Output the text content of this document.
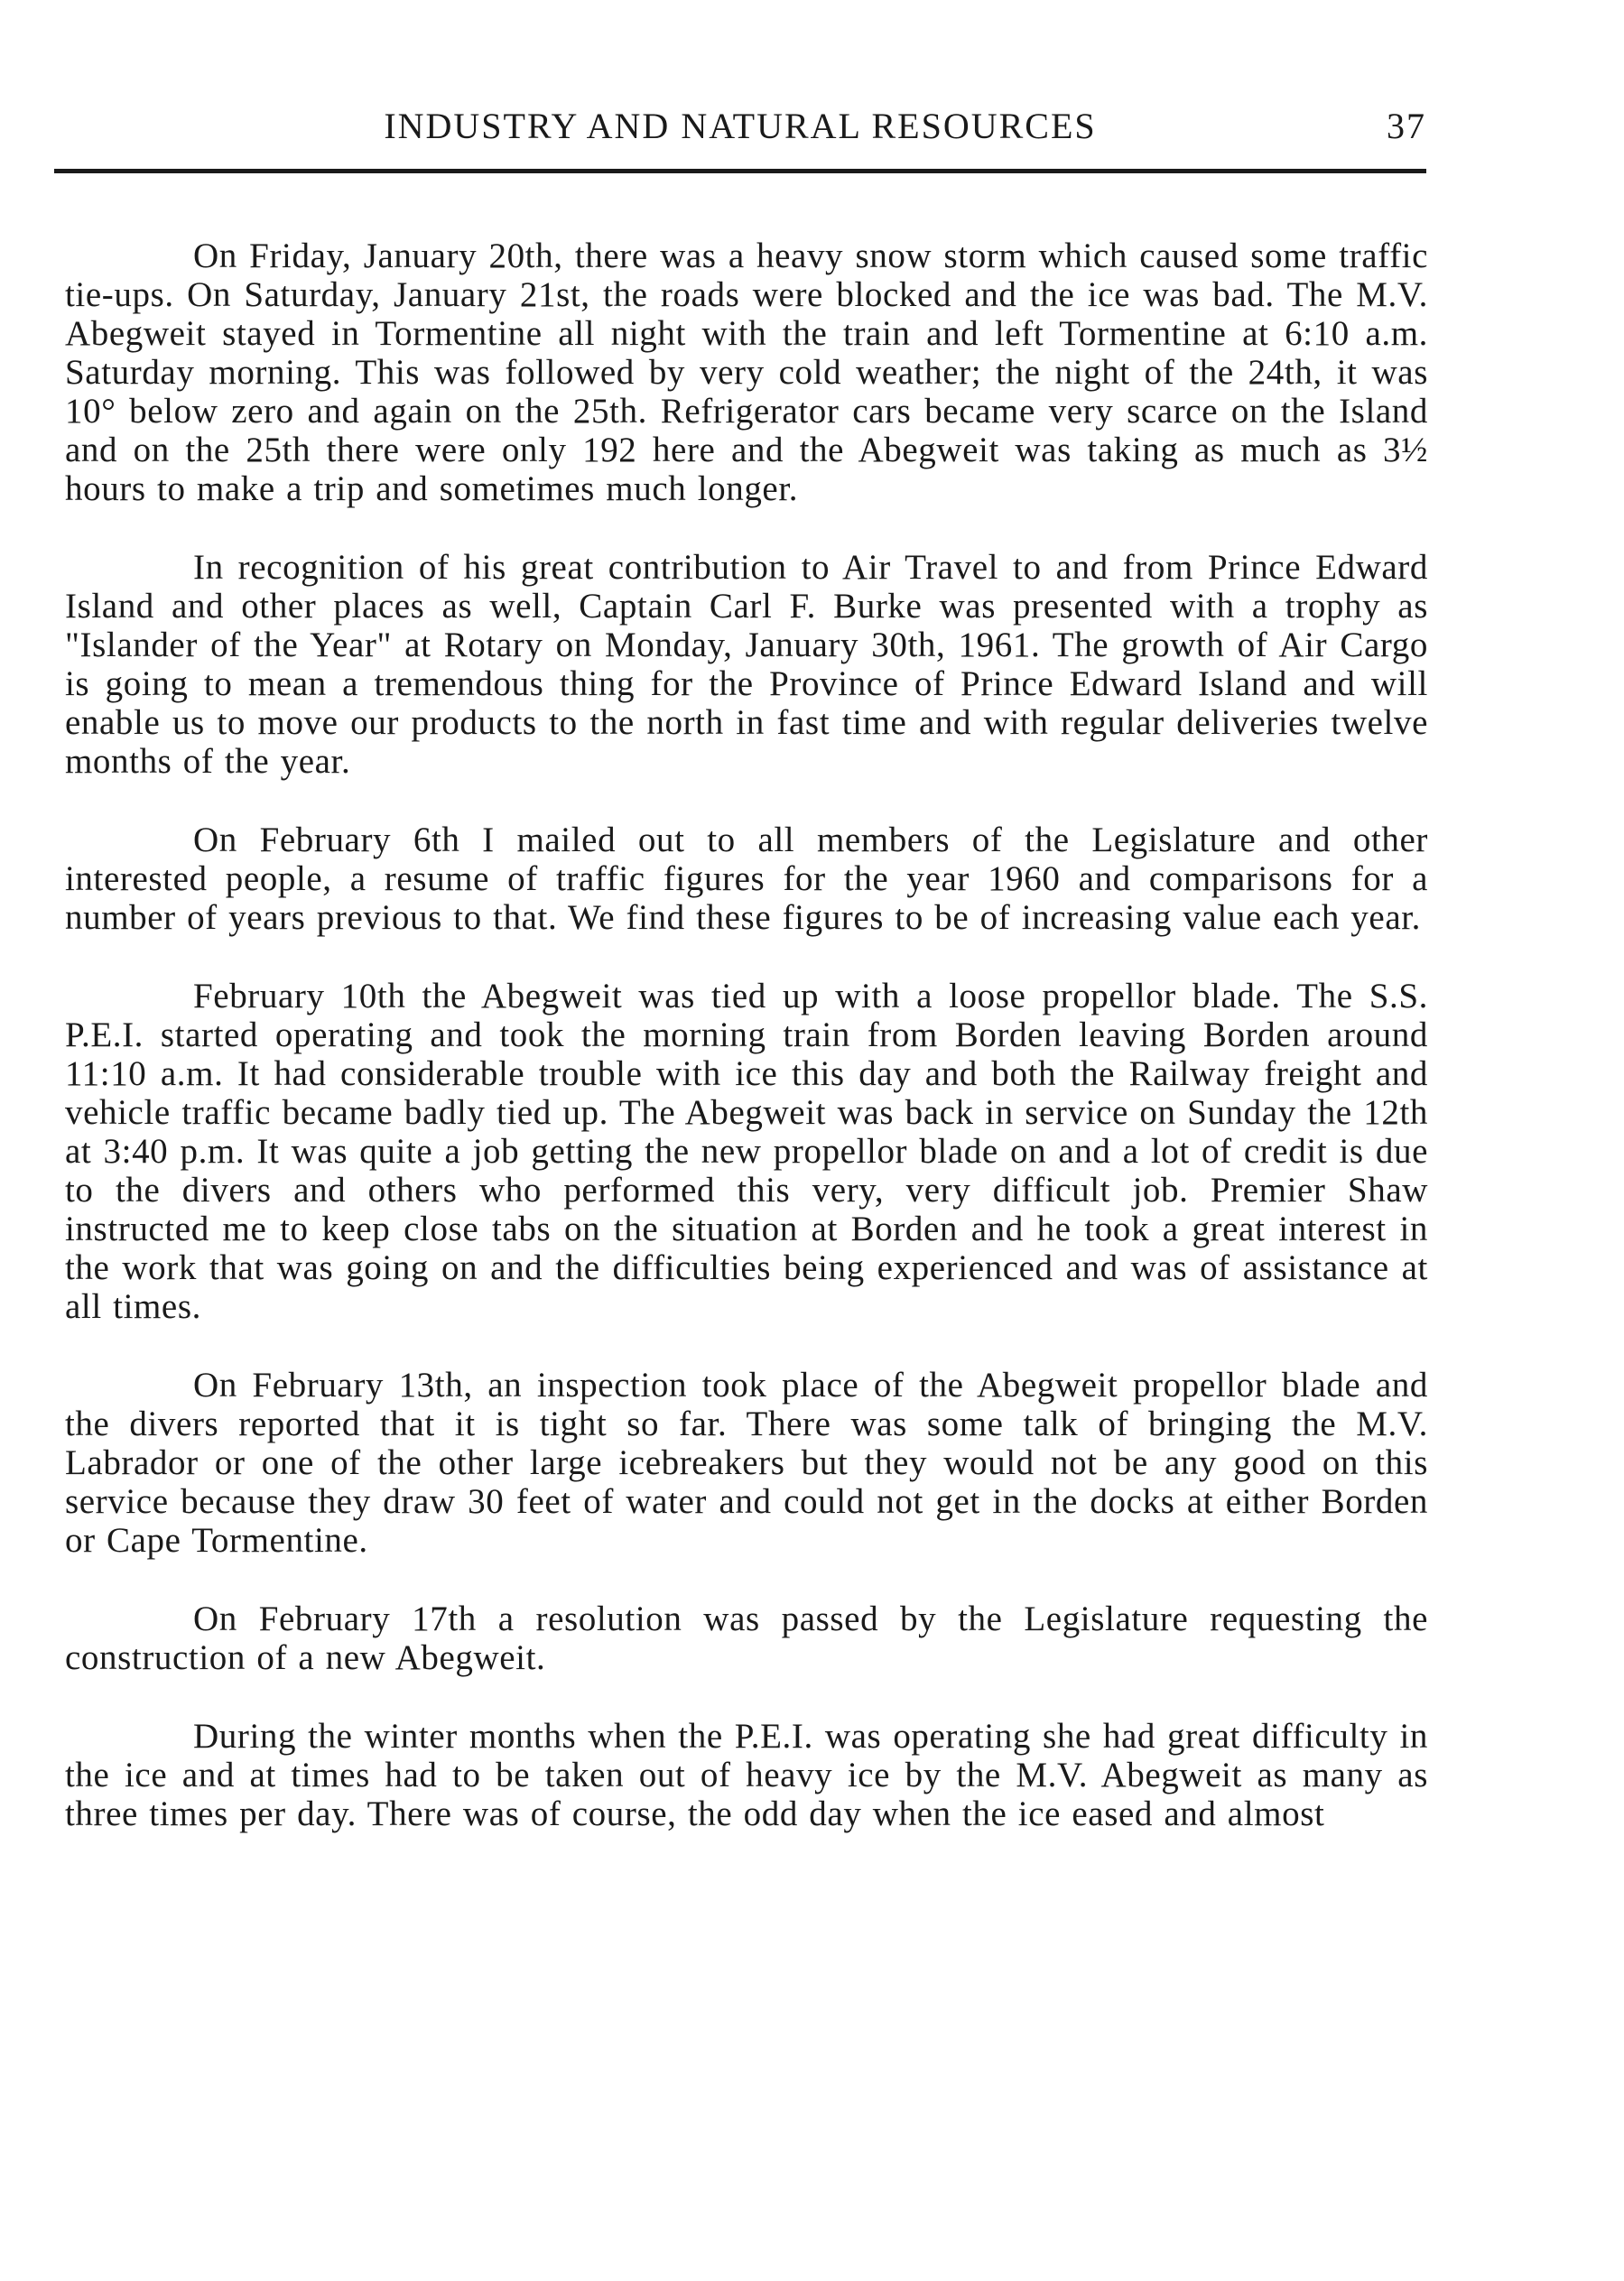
INDUSTRY AND NATURAL RESOURCES	37

On Friday, January 20th, there was a heavy snow storm which caused some traffic tie-ups. On Saturday, January 21st, the roads were blocked and the ice was bad. The M.V. Abegweit stayed in Tormentine all night with the train and left Tormentine at 6:10 a.m. Saturday morning. This was followed by very cold weather; the night of the 24th, it was 10° below zero and again on the 25th. Refrigerator cars became very scarce on the Island and on the 25th there were only 192 here and the Abegweit was taking as much as 3½ hours to make a trip and sometimes much longer.

In recognition of his great contribution to Air Travel to and from Prince Edward Island and other places as well, Captain Carl F. Burke was presented with a trophy as "Islander of the Year" at Rotary on Monday, January 30th, 1961. The growth of Air Cargo is going to mean a tremendous thing for the Province of Prince Edward Island and will enable us to move our products to the north in fast time and with regular deliveries twelve months of the year.

On February 6th I mailed out to all members of the Legislature and other interested people, a resume of traffic figures for the year 1960 and comparisons for a number of years previous to that. We find these figures to be of increasing value each year.

February 10th the Abegweit was tied up with a loose propellor blade. The S.S. P.E.I. started operating and took the morning train from Borden leaving Borden around 11:10 a.m. It had considerable trouble with ice this day and both the Railway freight and vehicle traffic became badly tied up. The Abegweit was back in service on Sunday the 12th at 3:40 p.m. It was quite a job getting the new propellor blade on and a lot of credit is due to the divers and others who performed this very, very difficult job. Premier Shaw instructed me to keep close tabs on the situation at Borden and he took a great interest in the work that was going on and the difficulties being experienced and was of assistance at all times.

On February 13th, an inspection took place of the Abegweit propellor blade and the divers reported that it is tight so far. There was some talk of bringing the M.V. Labrador or one of the other large icebreakers but they would not be any good on this service because they draw 30 feet of water and could not get in the docks at either Borden or Cape Tormentine.

On February 17th a resolution was passed by the Legislature requesting the construction of a new Abegweit.

During the winter months when the P.E.I. was operating she had great difficulty in the ice and at times had to be taken out of heavy ice by the M.V. Abegweit as many as three times per day. There was of course, the odd day when the ice eased and almost
